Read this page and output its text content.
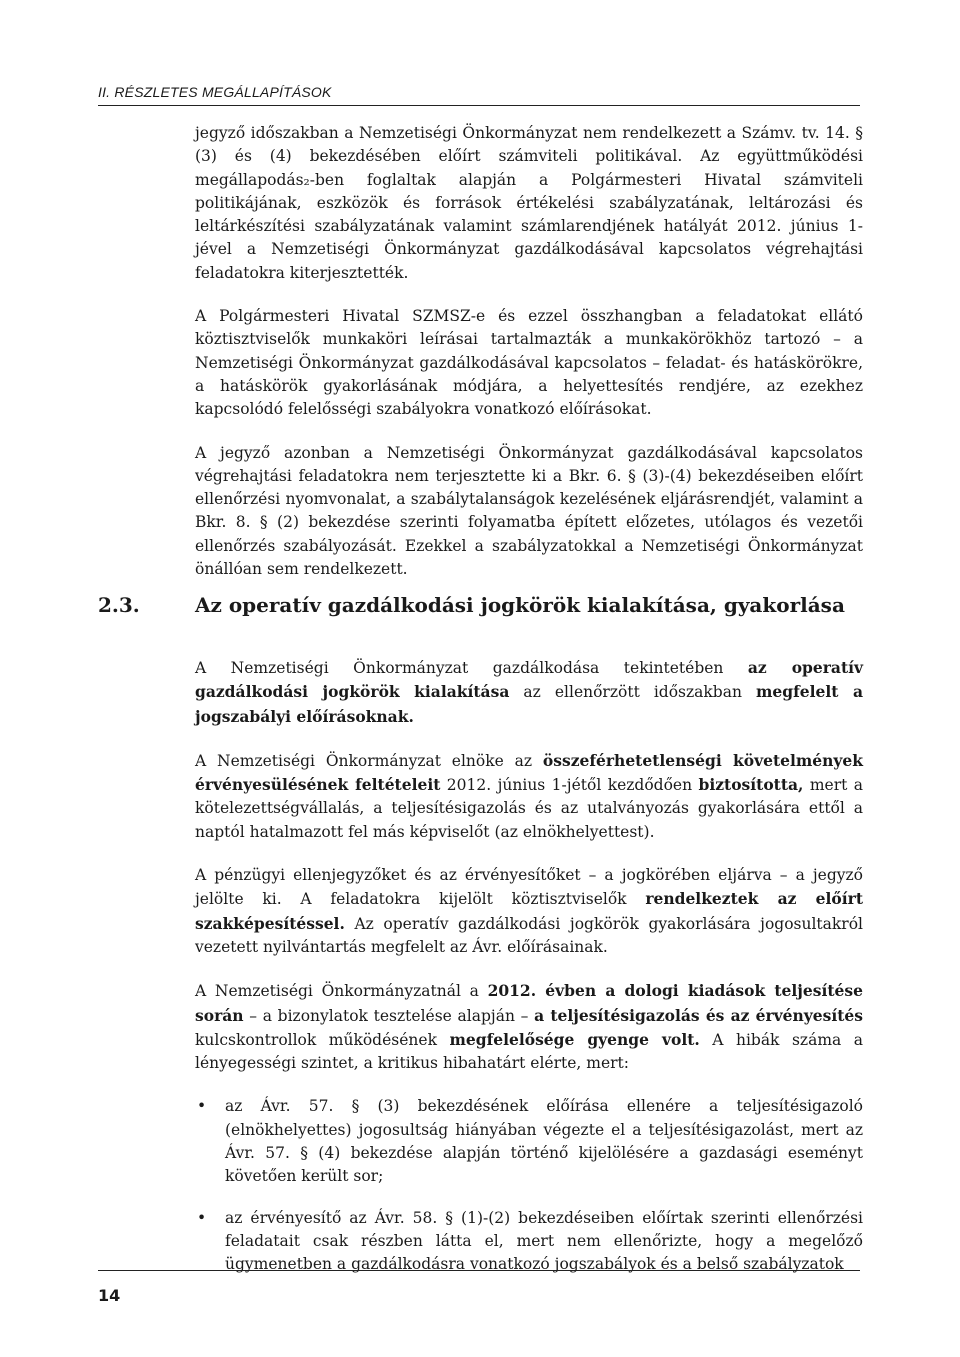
II. RÉSZLETES MEGÁLLAPÍTÁSOK

jegyző időszakban a Nemzetiségi Önkormányzat nem rendelkezett a Számv. tv. 14. § (3) és (4) bekezdésében előírt számviteli politikával. Az együttműködési megállapodás₂-ben foglaltak alapján a Polgármesteri Hivatal számviteli politikájának, eszközök és források értékelési szabályzatának, leltározási és leltárkészítési szabályzatának valamint számlarendjének hatályát 2012. június 1-jével a Nemzetiségi Önkormányzat gazdálkodásával kapcsolatos végrehajtási feladatokra kiterjesztették.

A Polgármesteri Hivatal SZMSZ-e és ezzel összhangban a feladatokat ellátó köztisztviselők munkaköri leírásai tartalmazták a munkakörökhöz tartozó – a Nemzetiségi Önkormányzat gazdálkodásával kapcsolatos – feladat- és hatáskörökre, a hatáskörök gyakorlásának módjára, a helyettesítés rendjére, az ezekhez kapcsolódó felelősségi szabályokra vonatkozó előírásokat.

A jegyző azonban a Nemzetiségi Önkormányzat gazdálkodásával kapcsolatos végrehajtási feladatokra nem terjesztette ki a Bkr. 6. § (3)-(4) bekezdéseiben előírt ellenőrzési nyomvonalat, a szabálytalanságok kezelésének eljárásrendjét, valamint a Bkr. 8. § (2) bekezdése szerinti folyamatba épített előzetes, utólagos és vezetői ellenőrzés szabályozását. Ezekkel a szabályzatokkal a Nemzetiségi Önkormányzat önállóan sem rendelkezett.

2.3.	Az operatív gazdálkodási jogkörök kialakítása, gyakorlása

A Nemzetiségi Önkormányzat gazdálkodása tekintetében az operatív gazdálkodási jogkörök kialakítása az ellenőrzött időszakban megfelelt a jogszabályi előírásoknak.

A Nemzetiségi Önkormányzat elnöke az összeférhetetlenségi követelmények érvényesülésének feltételeit 2012. június 1-jétől kezdődően biztosította, mert a kötelezettségvállalás, a teljesítésigazolás és az utalványozás gyakorlására ettől a naptól hatalmazott fel más képviselőt (az elnökhelyettest).

A pénzügyi ellenjegyzőket és az érvényesítőket – a jogkörében eljárva – a jegyző jelölte ki. A feladatokra kijelölt köztisztviselők rendelkeztek az előírt szakképesítéssel. Az operatív gazdálkodási jogkörök gyakorlására jogosultakról vezetett nyilvántartás megfelelt az Ávr. előírásainak.

A Nemzetiségi Önkormányzatnál a 2012. évben a dologi kiadások teljesítése során – a bizonylatok tesztelése alapján – a teljesítésigazolás és az érvényesítés kulcskontrollok működésének megfelelősége gyenge volt. A hibák száma a lényegességi szintet, a kritikus hibahatárt elérte, mert:

• az Ávr. 57. § (3) bekezdésének előírása ellenére a teljesítésigazoló (elnökhelyettes) jogosultság hiányában végezte el a teljesítésigazolást, mert az Ávr. 57. § (4) bekezdése alapján történő kijelölésére a gazdasági eseményt követően került sor;
• az érvényesítő az Ávr. 58. § (1)-(2) bekezdéseiben előírtak szerinti ellenőrzési feladatait csak részben látta el, mert nem ellenőrizte, hogy a megelőző ügymenetben a gazdálkodásra vonatkozó jogszabályok és a belső szabályzatok
14
